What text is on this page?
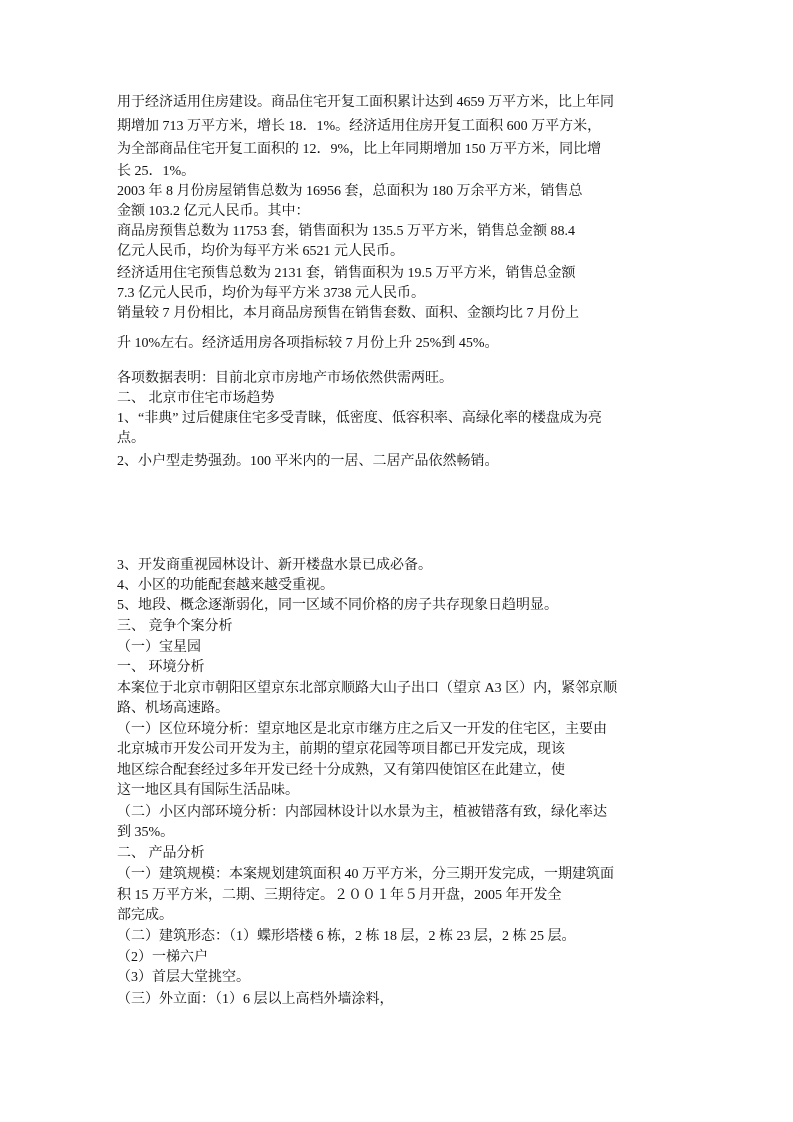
用于经济适用住房建设。商品住宅开复工面积累计达到 4659 万平方米，比上年同
期增加 713 万平方米，增长 18．1%。经济适用住房开复工面积 600 万平方米，
为全部商品住宅开复工面积的 12．9%，比上年同期增加 150 万平方米，同比增
长 25．1%。
2003 年 8 月份房屋销售总数为 16956 套，总面积为 180 万余平方米，销售总
金额 103.2 亿元人民币。其中：
商品房预售总数为 11753 套，销售面积为 135.5 万平方米，销售总金额 88.4
亿元人民币，均价为每平方米 6521 元人民币。
经济适用住宅预售总数为 2131 套，销售面积为 19.5 万平方米，销售总金额
7.3 亿元人民币，均价为每平方米 3738 元人民币。
销量较 7 月份相比，本月商品房预售在销售套数、面积、金额均比 7 月份上
升 10%左右。经济适用房各项指标较 7 月份上升 25%到 45%。
各项数据表明：目前北京市房地产市场依然供需两旺。
二、 北京市住宅市场趋势
1、“非典” 过后健康住宅多受青睐，低密度、低容积率、高绿化率的楼盘成为亮
点。
2、小户型走势强劲。100 平米内的一居、二居产品依然畅销。
3、开发商重视园林设计、新开楼盘水景已成必备。
4、小区的功能配套越来越受重视。
5、地段、概念逐渐弱化，同一区域不同价格的房子共存现象日趋明显。
三、 竞争个案分析
（一）宝星园
一、 环境分析
本案位于北京市朝阳区望京东北部京顺路大山子出口（望京 A3 区）内，紧邻京顺
路、机场高速路。
（一）区位环境分析：望京地区是北京市继方庄之后又一开发的住宅区，主要由
北京城市开发公司开发为主，前期的望京花园等项目都已开发完成，现该
地区综合配套经过多年开发已经十分成熟，又有第四使馆区在此建立，使
这一地区具有国际生活品味。
（二）小区内部环境分析：内部园林设计以水景为主，植被错落有致，绿化率达
到 35%。
二、 产品分析
（一）建筑规模：本案规划建筑面积 40 万平方米，分三期开发完成，一期建筑面
积 15 万平方米，二期、三期待定。２００１年５月开盘，2005 年开发全
部完成。
（二）建筑形态：（1）蝶形塔楼 6 栋，2 栋 18 层，2 栋 23 层，2 栋 25 层。
（2）一梯六户
（3）首层大堂挑空。
（三）外立面：（1）6 层以上高档外墙涂料，
